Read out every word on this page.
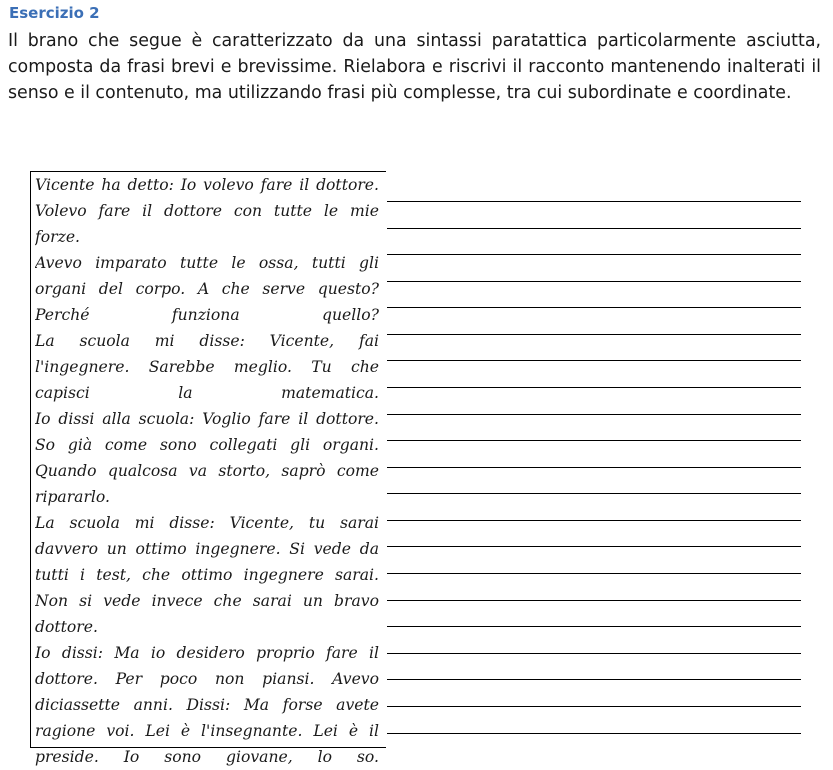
Esercizio 2
Il brano che segue è caratterizzato da una sintassi paratattica particolarmente asciutta, composta da frasi brevi e brevissime. Rielabora e riscrivi il racconto mantenendo inalterati il senso e il contenuto, ma utilizzando frasi più complesse, tra cui subordinate e coordinate.
Vicente ha detto: Io volevo fare il dottore.
Volevo fare il dottore con tutte le mie
forze.
Avevo imparato tutte le ossa, tutti gli
organi del corpo. A che serve questo?
Perché funziona quello?
La scuola mi disse: Vicente, fai
l'ingegnere. Sarebbe meglio. Tu che
capisci la matematica.
Io dissi alla scuola: Voglio fare il dottore.
So già come sono collegati gli organi.
Quando qualcosa va storto, saprò come
ripararlo.
La scuola mi disse: Vicente, tu sarai
davvero un ottimo ingegnere. Si vede da
tutti i test, che ottimo ingegnere sarai.
Non si vede invece che sarai un bravo
dottore.
Io dissi: Ma io desidero proprio fare il
dottore. Per poco non piansi. Avevo
diciassette anni. Dissi: Ma forse avete
ragione voi. Lei è l'insegnante. Lei è il
preside. Io sono giovane, lo so.
